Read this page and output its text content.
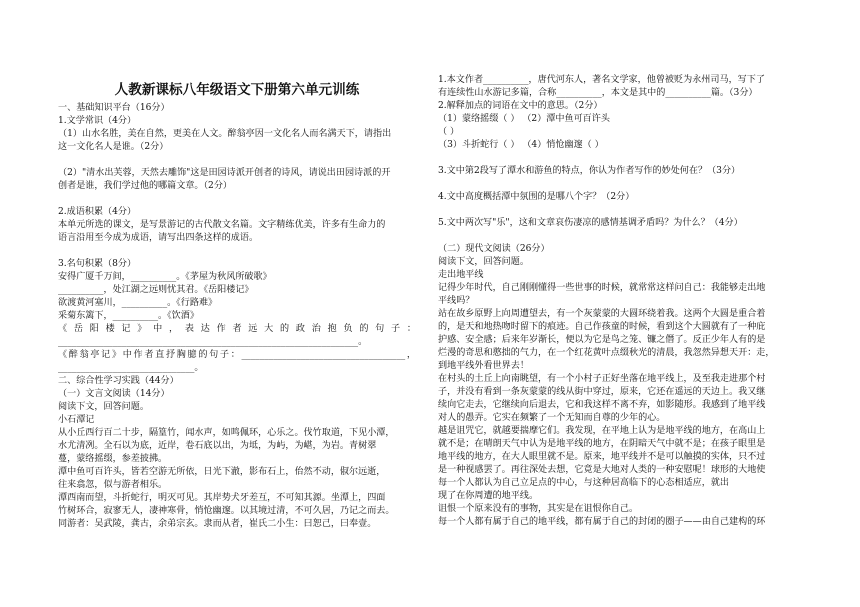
人教新课标八年级语文下册第六单元训练
一、基础知识平台（16分）
1.文学常识（4分）
（1）山水名胜，美在自然，更美在人文。醉翁亭因一文化名人而名满天下，请指出
这一文化名人是谁。（2分）
（2）"清水出芙蓉，天然去雕饰"这是田园诗派开创者的诗风，请说出田园诗派的开
创者是谁，我们学过他的哪篇文章。（2分）
2.成语积累（4分）
本单元所选的课文，是写景游记的古代散文名篇。文字精练优美，许多有生命力的
语言沿用至今成为成语，请写出四条这样的成语。
3.名句积累（8分）
安得广厦千万间，__________。《茅屋为秋风所破歌》
__________，处江湖之远则忧其君。《岳阳楼记》
欲渡黄河塞川，__________。《行路难》
采菊东篱下，__________。《饮酒》
《 岳 阳 楼 记 》 中 ， 表 达 作 者 远 大 的 政 治 抱 负 的 句 子 ：
__________________________________________________________________。
《醉翁亭记》中作者直抒胸臆的句子：____________________________________，
______________________________。
二、综合性学习实践（44分）
（一）文言文阅读（14分）
阅读下文，回答问题。
小石潭记
从小丘西行百二十步，隔篁竹，闻水声，如鸣佩环，心乐之。伐竹取道，下见小潭，
水尤清冽。全石以为底，近岸，卷石底以出，为坻，为屿，为嵁，为岩。青树翠
蔓，蒙络摇缀，参差披拂。
潭中鱼可百许头，皆若空游无所依，日光下澈，影布石上，佁然不动，俶尔远逝，
往来翕忽，似与游者相乐。
潭西南而望，斗折蛇行，明灭可见。其岸势犬牙差互，不可知其源。坐潭上，四面
竹树环合，寂寥无人，凄神寒骨，悄怆幽邃。以其境过清，不可久居，乃记之而去。
同游者：吴武陵，龚古，余弟宗玄。隶而从者，崔氏二小生：曰恕己，曰奉壹。
1.本文作者__________，唐代河东人，著名文学家，他曾被贬为永州司马，写下了
有连续性山水游记多篇，合称__________，本文是其中的__________篇。（3分）
2.解释加点的词语在文中的意思。（2分）
（1）蒙络摇缀（ ） （2）潭中鱼可百许头
（ ）
（3）斗折蛇行（ ） （4）悄怆幽邃（ ）
3.文中第2段写了潭水和游鱼的特点，你认为作者写作的妙处何在？（3分）
4.文中高度概括潭中氛围的是哪八个字？（2分）
5.文中两次写"乐"，这和文章哀伤凄凉的感情基调矛盾吗？为什么？（4分）
（二）现代文阅读（26分）
阅读下文，回答问题。
走出地平线
记得少年时代，自己刚刚懂得一些世事的时候，就常常这样问自己：我能够走出地
平线吗？
站在故乡原野上向周遭望去，有一个灰蒙蒙的大圆环绕着我。这两个大圆是重合着
的，是天和地热吻时留下的痕迹。自己作孩童的时候，看到这个大圆就有了一种庇
护感、安全感；后来年岁渐长，便以为它是鸟之笼、镰之僭了。反正少年人有的是
烂漫的奇思和憨拙的气力，在一个红花黄叶点缀秋光的清晨，我忽然异想天开：走，
到地平线外看世界去！
在村头的土丘上向南眺望，有一个小村子正好坐落在地平线上，及至我走进那个村
子，并没有看到一条灰蒙蒙的线从街中穿过，原来，它还在遥远的天边上。我又继
续向它走去，它继续向后退去，它和我这样不离不弃，如影随形。我感到了地平线
对人的愚弄。它实在频繁了一个无知而自尊的少年的心。
越是诅咒它，就越要揣摩它们。我发现，在平地上认为是地平线的地方，在高山上
就不是；在晴朗天气中认为是地平线的地方，在阴暗天气中就不是；在孩子眼里是
地平线的地方，在大人眼里就不是。原来，地平线并不是可以触摸的实体，只不过
是一种视感罢了。再往深处去想，它竟是大地对人类的一种安慰呢！球形的大地使
每一个人都认为自己立足点的中心，与这种居高临下的心态相适应，就出
现了在你周遭的地平线。
诅恨一个原来没有的事物，其实是在诅恨你自己。
每一个人都有属于自己的地平线，都有属于自己的封闭的圈子——由自己建构的环
